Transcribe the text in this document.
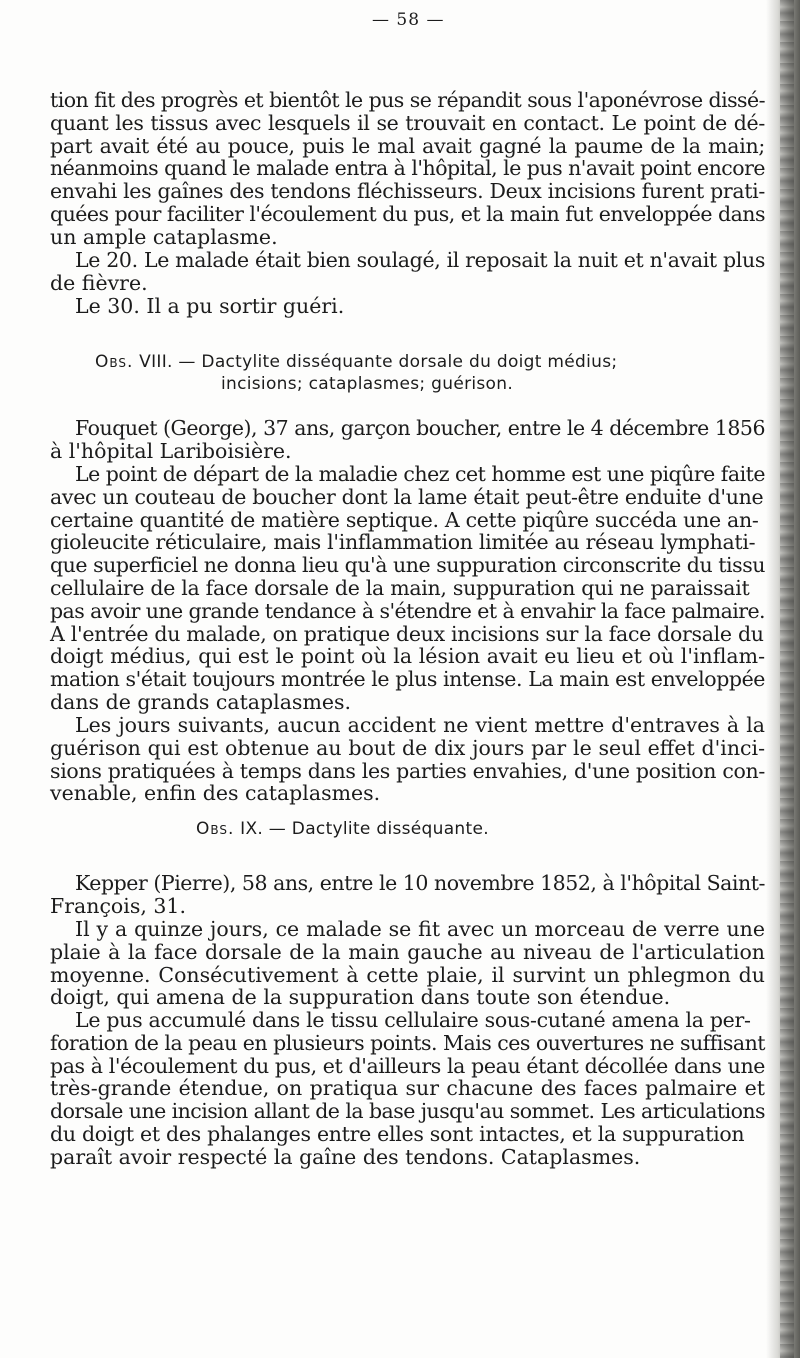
— 58 —

tion fit des progrès et bientôt le pus se répandit sous l'aponévrose dissé-
quant les tissus avec lesquels il se trouvait en contact. Le point de dé-
part avait été au pouce, puis le mal avait gagné la paume de la main;
néanmoins quand le malade entra à l'hôpital, le pus n'avait point encore
envahi les gaînes des tendons fléchisseurs. Deux incisions furent prati-
quées pour faciliter l'écoulement du pus, et la main fut enveloppée dans
un ample cataplasme.

Le 20. Le malade était bien soulagé, il reposait la nuit et n'avait plus
de fièvre.

Le 30. Il a pu sortir guéri.

Obs. VIII. — Dactylite disséquante dorsale du doigt médius;
incisions; cataplasmes; guérison.

Fouquet (George), 37 ans, garçon boucher, entre le 4 décembre 1856
à l'hôpital Lariboisière.

Le point de départ de la maladie chez cet homme est une piqûre faite
avec un couteau de boucher dont la lame était peut-être enduite d'une
certaine quantité de matière septique. A cette piqûre succéda une an-
gioleucite réticulaire, mais l'inflammation limitée au réseau lymphati-
que superficiel ne donna lieu qu'à une suppuration circonscrite du tissu
cellulaire de la face dorsale de la main, suppuration qui ne paraissait
pas avoir une grande tendance à s'étendre et à envahir la face palmaire.
A l'entrée du malade, on pratique deux incisions sur la face dorsale du
doigt médius, qui est le point où la lésion avait eu lieu et où l'inflam-
mation s'était toujours montrée le plus intense. La main est enveloppée
dans de grands cataplasmes.

Les jours suivants, aucun accident ne vient mettre d'entraves à la
guérison qui est obtenue au bout de dix jours par le seul effet d'inci-
sions pratiquées à temps dans les parties envahies, d'une position con-
venable, enfin des cataplasmes.

Obs. IX. — Dactylite disséquante.

Kepper (Pierre), 58 ans, entre le 10 novembre 1852, à l'hôpital Saint-
François, 31.

Il y a quinze jours, ce malade se fit avec un morceau de verre une
plaie à la face dorsale de la main gauche au niveau de l'articulation
moyenne. Consécutivement à cette plaie, il survint un phlegmon du
doigt, qui amena de la suppuration dans toute son étendue.

Le pus accumulé dans le tissu cellulaire sous-cutané amena la per-
foration de la peau en plusieurs points. Mais ces ouvertures ne suffisant
pas à l'écoulement du pus, et d'ailleurs la peau étant décollée dans une
très-grande étendue, on pratiqua sur chacune des faces palmaire et
dorsale une incision allant de la base jusqu'au sommet. Les articulations
du doigt et des phalanges entre elles sont intactes, et la suppuration
paraît avoir respecté la gaîne des tendons. Cataplasmes.
